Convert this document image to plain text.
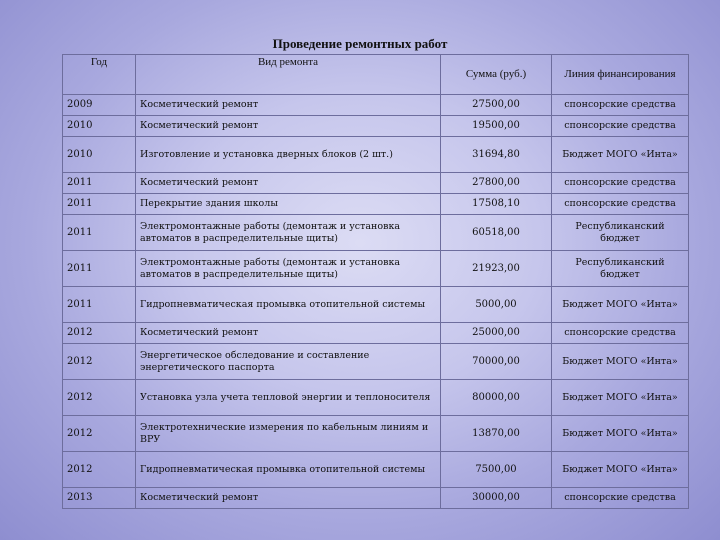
Проведение ремонтных работ
Год	Вид ремонта	Сумма (руб.)	Линия финансирования
2009	Косметический ремонт	27500,00	спонсорские средства
2010	Косметический ремонт	19500,00	спонсорские средства
2010	Изготовление и установка дверных блоков (2 шт.)	31694,80	Бюджет МОГО «Инта»
2011	Косметический ремонт	27800,00	спонсорские средства
2011	Перекрытие здания школы	17508,10	спонсорские средства
2011	Электромонтажные работы (демонтаж и установка автоматов в распределительные щиты)	60518,00	Республиканский бюджет
2011	Электромонтажные работы (демонтаж и установка автоматов в распределительные щиты)	21923,00	Республиканский бюджет
2011	Гидропневматическая промывка отопительной системы	5000,00	Бюджет МОГО «Инта»
2012	Косметический ремонт	25000,00	спонсорские средства
2012	Энергетическое обследование и составление энергетического паспорта	70000,00	Бюджет МОГО «Инта»
2012	Установка узла учета тепловой энергии и теплоносителя	80000,00	Бюджет МОГО «Инта»
2012	Электротехнические измерения по кабельным линиям и ВРУ	13870,00	Бюджет МОГО «Инта»
2012	Гидропневматическая промывка отопительной системы	7500,00	Бюджет МОГО «Инта»
2013	Косметический ремонт	30000,00	спонсорские средства
